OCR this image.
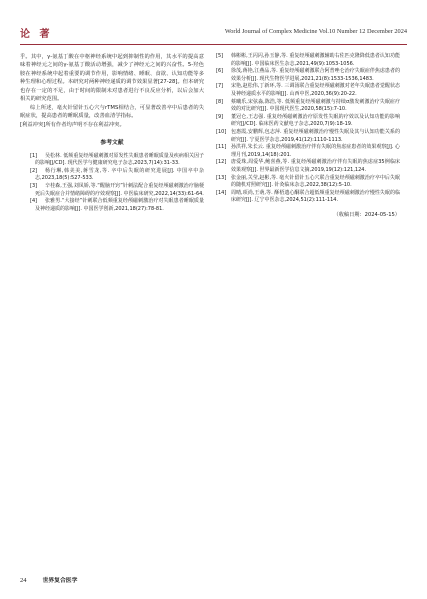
论 著	World Journal of Complex Medicine Vol.10 Number 12 December 2024

乎。其中，γ-氨基丁酸在中枢神经系统中起到抑制性的作用，其水平的提高意味着神经元之间的γ-氨基丁酸活动增强，减少了神经元之间的兴奋性。5-羟色胺在神经系统中起着重要的调节作用，影响情绪、睡眠、食欲、认知功能等多种生理和心理过程。本研究对两种神经递质的调节效果显著[27-28]。但本研究也存在一定的不足，由于时间的限制未对患者进行不良反应分析，以后会加大相关的研究范围。

综上所述，毫火针留针五心穴与rTMS相结合，可显著改善卒中后患者的失眠症状，提高患者的睡眠质量，改善血清学指标。

[利益冲突]所有作者均声明不存在利益冲突。

参考文献

[1] 吴松林. 低频重复经颅磁刺激对原发性失眠患者睡眠质量及疾病相关因子的影响[J/CD]. 现代医学与健康研究电子杂志,2023,7(14):31-33.

[2] 杨行琳,韩美美,蒋雪龙,等. 卒中后失眠的研究进展[J]. 中国卒中杂志,2023,18(5):527-533.

[3] 辛桂森,王强,刘凤娇,等.“醒脑开窍”针刺法配合重复经颅磁刺激治疗脑梗死后失眠症合并情绪障碍的疗效观察[J]. 中医临床研究,2022,14(33):61-64.

[4] 张雅男.“大接经”针刺联合低频重复经颅磁刺激治疗对失眠患者睡眠质量及神经递质的影响[J]. 中国医学创新,2021,18(27):78-81.

[5] 韩彬彬,王闪闪,孙玉静,等. 重复经颅磁刺激辅助右佐匹克隆降低患者认知功能的影响[J]. 中国临床医生杂志,2021,49(9):1053-1056.

[6] 徐茂,蒋艳,江燕品,等. 重复经颅磁刺激联合阿普唑仑治疗失眠症伴焦虑患者的效果分析[J]. 现代生物医学进展,2021,21(8):1533-1536,1483.

[7] 宋艳,赵松伟,丁新环,等. 三调汤联合重复经颅磁刺激对老年失眠患者觉醒状态及神经递质水平的影响[J]. 山西中医,2020,36(9):20-22.

[8] 蔡曦乐,宋弦淼,陈浩,等. 低频重复经颅磁刺激与持续σ激发刺激治疗失眠症疗效的对比研究[J]. 中国现代医生,2020,58(15):7-10.

[9] 董冠仑,王志强. 重复经颅磁刺激治疗原发性失眠的疗效以及认知功能的影响研究[J/CD]. 临床医药文献电子杂志,2020,7(9):18-19.

[10] 包惠霞,安鹏辉,包志萍. 重复经颅磁刺激治疗慢性失眠及其与认知功能关系的研究[J]. 宁夏医学杂志,2019,41(12):1110-1113.

[11] 孙洪祥,朱长云. 重复经颅磁刺激治疗伴有失眠的焦虑症患者的效果观察[J]. 心理月刊,2019,14(18):201.

[12] 唐爱珠,周爱华,鲍喜燕,等. 重复经颅磁刺激治疗伴有失眠的焦虑症35例临床效果观察[J]. 世界最新医学信息文摘,2019,19(12):121,124.

[13] 张金丽,关莹,赵彬,等. 毫火针留针五心穴联合重复经颅磁刺激治疗卒中后失眠的随机对照研究[J]. 针灸临床杂志,2022,38(12):5-10.

[14] 周晴,项尚,王萌,等. 酥梧遗心酮联合超低频重复经颅磁刺激治疗慢性失眠的临床研究[J]. 辽宁中医杂志,2024,51(2):111-114.

（收稿日期：2024-05-15）
24	世界复合医学
